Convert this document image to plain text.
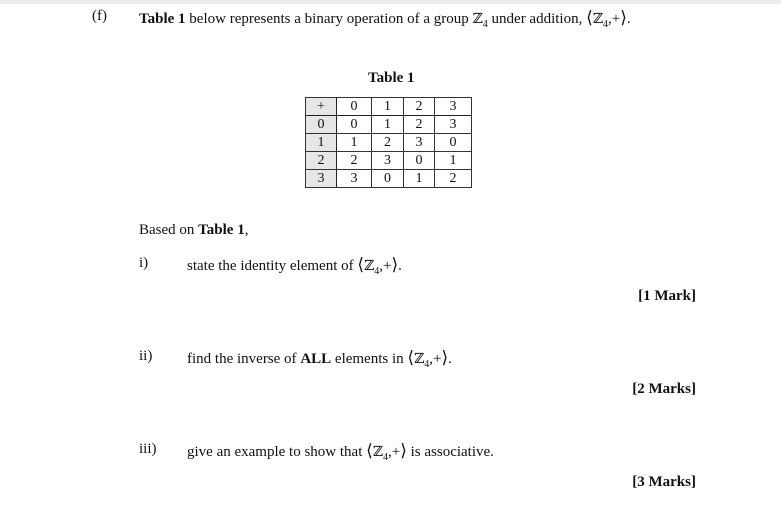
(f) Table 1 below represents a binary operation of a group ℤ$_4$ under addition, ⟨ℤ$_4$,+⟩.
Table 1
+	0	1	2	3
0	0	1	2	3
1	1	2	3	0
2	2	3	0	1
3	3	0	1	2
Based on Table 1,
i)	state the identity element of ⟨ℤ$_4$,+⟩.
[1 Mark]
ii) find the inverse of ALL elements in ⟨ℤ$_4$,+⟩.
[2 Marks]
iii) give an example to show that ⟨ℤ$_4$,+⟩ is associative.
[3 Marks]
